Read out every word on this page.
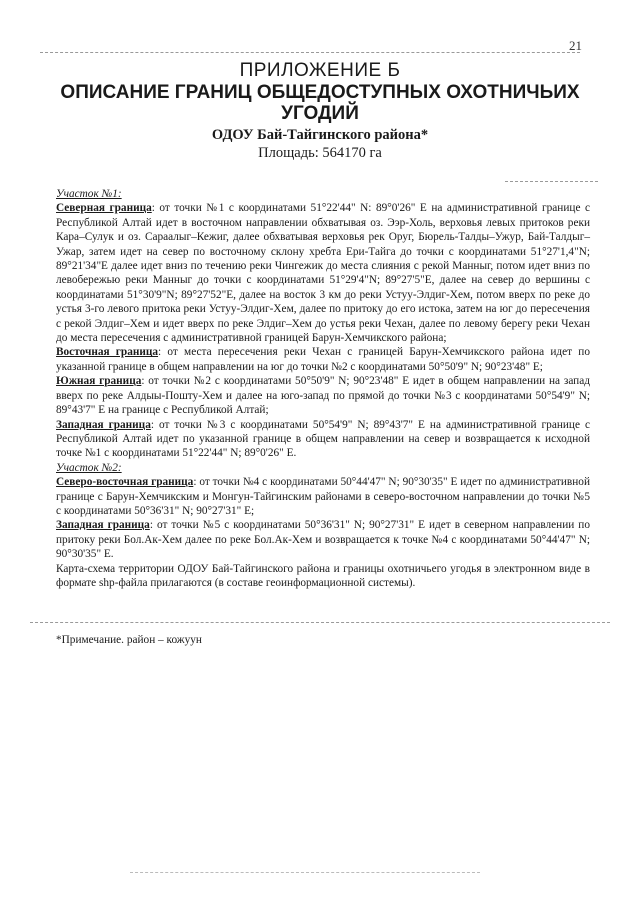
21
ПРИЛОЖЕНИЕ Б
ОПИСАНИЕ ГРАНИЦ ОБЩЕДОСТУПНЫХ ОХОТНИЧЬИХ УГОДИЙ
ОДОУ Бай-Тайгинского района*
Площадь: 564170 га

Участок №1:

Северная граница: от точки №1 с координатами 51°22'44" N: 89°0'26" E на административной границе с Республикой Алтай идет в восточном направлении обхватывая оз. Ээр-Холь, верховья левых притоков реки Кара–Сулук и оз. Сараалыг–Кежиг, далее обхватывая верховья рек Оруг, Бюрель-Талды–Ужур, Бай-Талдыг–Ужар, затем идет на север по восточному склону хребта Ери-Тайга до точки с координатами 51°27'1,4"N; 89°21'34"E далее идет вниз по течению реки Чингежик до места слияния с рекой Манныг, потом идет вниз по левобережью реки Манныг до точки с координатами 51°29'4"N; 89°27'5"E, далее на север до вершины с координатами 51°30'9"N; 89°27'52"E, далее на восток 3 км до реки Устуу-Элдиг-Хем, потом вверх по реке до устья 3-го левого притока реки Устуу-Элдиг-Хем, далее по притоку до его истока, затем на юг до пересечения с рекой Элдиг–Хем и идет вверх по реке Элдиг–Хем до устья реки Чехан, далее по левому берегу реки Чехан до места пересечения с административной границей Барун-Хемчикского района;

Восточная граница: от места пересечения реки Чехан с границей Барун-Хемчикского района идет по указанной границе в общем направлении на юг до точки №2 с координатами 50°50'9" N; 90°23'48" E;

Южная граница: от точки №2 с координатами 50°50'9" N; 90°23'48" E идет в общем направлении на запад вверх по реке Алдыы-Пошту-Хем и далее на юго-запад по прямой до точки №3 с координатами 50°54'9" N; 89°43'7" E на границе с Республикой Алтай;

Западная граница: от точки №3 с координатами 50°54'9" N; 89°43'7" E на административной границе с Республикой Алтай идет по указанной границе в общем направлении на север и возвращается к исходной точке №1 с координатами 51°22'44" N; 89°0'26" E.

Участок №2:

Северо-восточная граница: от точки №4 с координатами 50°44'47" N; 90°30'35" E идет по административной границе с Барун-Хемчикским и Монгун-Тайгинским районами в северо-восточном направлении до точки №5 с координатами 50°36'31" N; 90°27'31" E;

Западная граница: от точки №5 с координатами 50°36'31" N; 90°27'31" E идет в северном направлении по притоку реки Бол.Ак-Хем далее по реке Бол.Ак-Хем и возвращается к точке №4 с координатами 50°44'47" N; 90°30'35" E.

Карта-схема территории ОДОУ Бай-Тайгинского района и границы охотничьего угодья в электронном виде в формате shp-файла прилагаются (в составе геоинформационной системы).

*Примечание. район – кожуун
